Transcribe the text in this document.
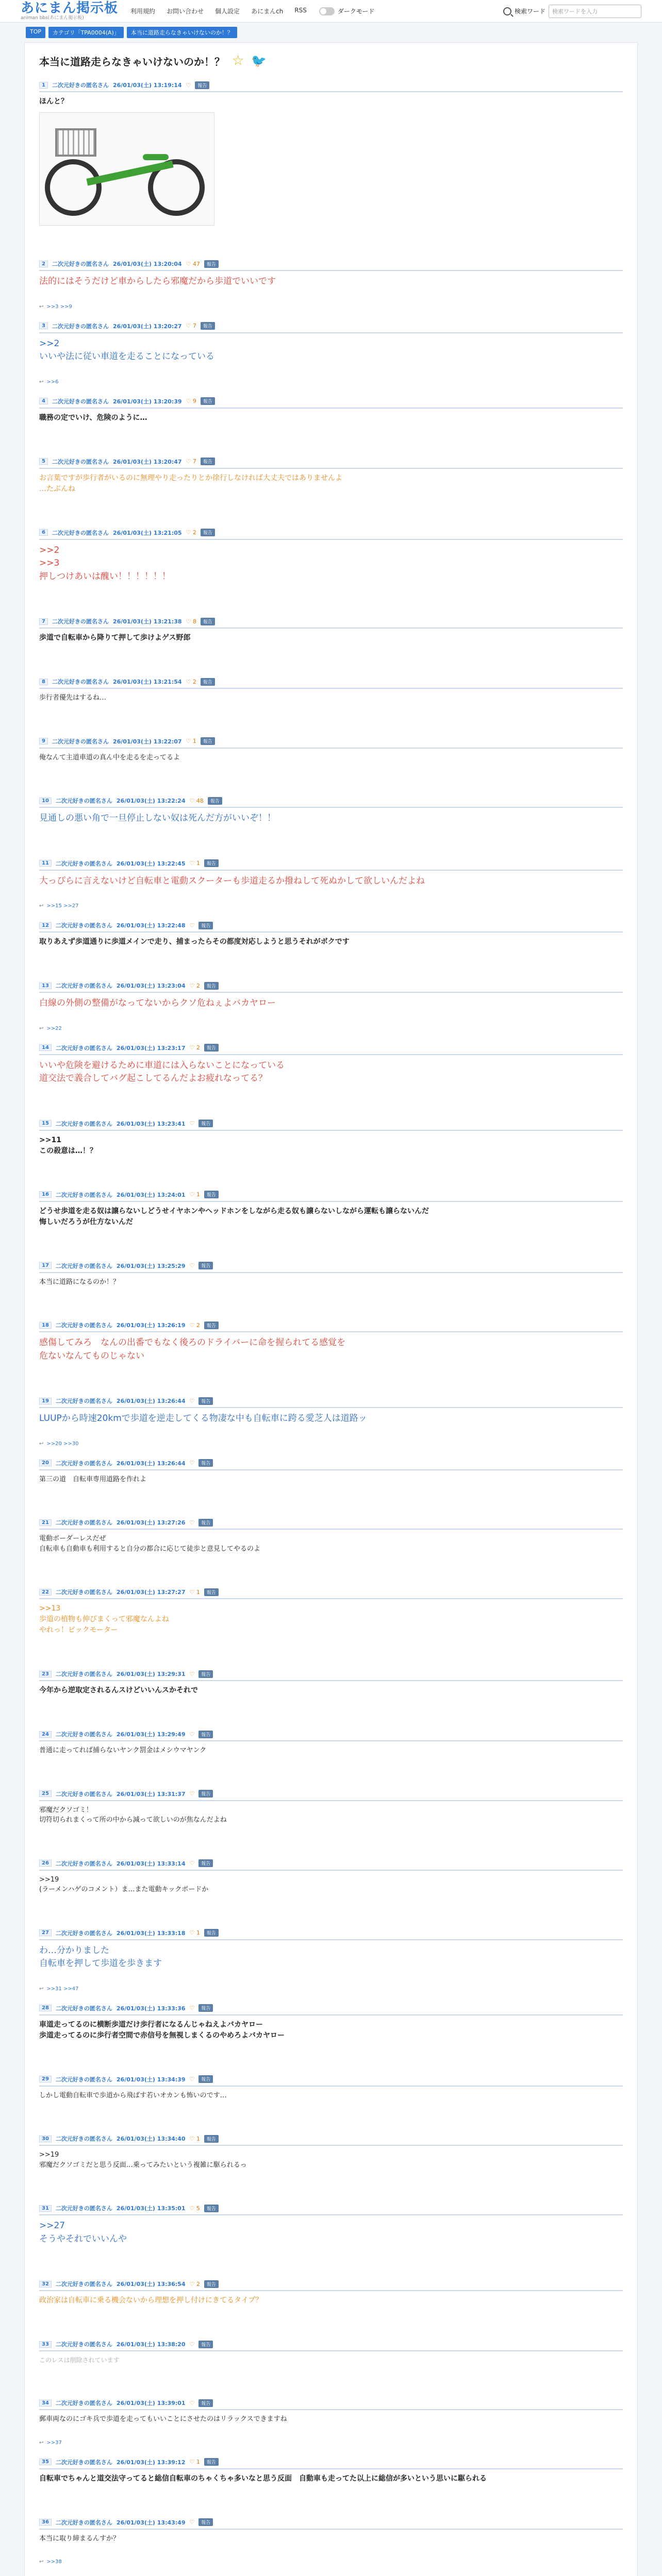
あにまん掲示板
animan bbs(あにまん掲示板)
利用規約 お問い合わせ 個人設定 あにまんch RSS	ダークモード	検索ワード	検索ワードを入力
TOP	カテゴリ「TPA0004(A)」	本当に道路走らなきゃいけないのか！？
本当に道路走らなきゃいけないのか！？ ☆ 🐦
1	二次元好きの匿名さん 26/01/03(土) 13:19:14 ♡	報告
ほんと？
2	二次元好きの匿名さん 26/01/03(土) 13:20:04 ♡ 47	報告
法的にはそうだけど車からしたら邪魔だから歩道でいいです
↩ >>3 >>9
3	二次元好きの匿名さん 26/01/03(土) 13:20:27 ♡ 7	報告
>>2
いいや法に従い車道を走ることになっている
↩ >>6
4	二次元好きの匿名さん 26/01/03(土) 13:20:39 ♡ 9	報告
職務の定でいけ、危険のように…
5	二次元好きの匿名さん 26/01/03(土) 13:20:47 ♡ 7	報告
お言葉ですが歩行者がいるのに無理やり走ったりとか徐行しなければ大丈夫ではありませんよ
…たぶんね
6	二次元好きの匿名さん 26/01/03(土) 13:21:05 ♡ 2	報告
>>2
>>3
押しつけあいは醜い！！！！！！
7	二次元好きの匿名さん 26/01/03(土) 13:21:38 ♡ 8	報告
歩道で自転車から降りて押して歩けよゲス野郎
8	二次元好きの匿名さん 26/01/03(土) 13:21:54 ♡ 2	報告
歩行者優先はするね…
9	二次元好きの匿名さん 26/01/03(土) 13:22:07 ♡ 1	報告
俺なんて主道車道の真ん中を走るを走ってるよ
10	二次元好きの匿名さん 26/01/03(土) 13:22:24 ♡ 48	報告
見通しの悪い角で一旦停止しない奴は死んだ方がいいぞ！！
11	二次元好きの匿名さん 26/01/03(土) 13:22:45 ♡ 1	報告
大っぴらに言えないけど自転車と電動スクーターも歩道走るか撥ねして死ぬかして欲しいんだよね
↩ >>15 >>27
12	二次元好きの匿名さん 26/01/03(土) 13:22:48 ♡	報告
取りあえず歩道通りに歩道メインで走り、捕まったらその都度対応しようと思うそれがボクです
13	二次元好きの匿名さん 26/01/03(土) 13:23:04 ♡ 2	報告
白線の外側の整備がなってないからクソ危ねぇよバカヤロー
↩ >>22
14	二次元好きの匿名さん 26/01/03(土) 13:23:17 ♡ 2	報告
いいや危険を避けるために車道には入らないことになっている
道交法で義合してバグ起こしてるんだよお疲れなってる？
15	二次元好きの匿名さん 26/01/03(土) 13:23:41 ♡	報告
>>11
この殺意は…！？
16	二次元好きの匿名さん 26/01/03(土) 13:24:01 ♡ 1	報告
どうせ歩道を走る奴は譲らないしどうせイヤホンやヘッドホンをしながら走る奴も譲らないしながら運転も譲らないんだ
悔しいだろうが仕方ないんだ
17	二次元好きの匿名さん 26/01/03(土) 13:25:29 ♡	報告
本当に道路になるのか！？
18	二次元好きの匿名さん 26/01/03(土) 13:26:19 ♡ 2	報告
感傷してみろ　なんの出番でもなく後ろのドライバーに命を握られてる感覚を
危ないなんてものじゃない
19	二次元好きの匿名さん 26/01/03(土) 13:26:44 ♡	報告
LUUPから時速20kmで歩道を逆走してくる物凄な中も自転車に跨る愛芝人は道路ッ
↩ >>20 >>30
20	二次元好きの匿名さん 26/01/03(土) 13:26:44 ♡	報告
第三の道　自転車専用道路を作れよ
21	二次元好きの匿名さん 26/01/03(土) 13:27:26 ♡	報告
電動ボーダーレスだぜ
自転車も自動車も利用すると自分の都合に応じて徒歩と意見してやるのよ
22	二次元好きの匿名さん 26/01/03(土) 13:27:27 ♡ 1	報告
>>13
歩道の植物も伸びまくって邪魔なんよね
やれっ！ピックモーター
23	二次元好きの匿名さん 26/01/03(土) 13:29:31 ♡	報告
今年から逆取定されるんスけどいいんスかそれで
24	二次元好きの匿名さん 26/01/03(土) 13:29:49 ♡	報告
普通に走ってれば捕らないヤンク罰金はメシウマヤンク
25	二次元好きの匿名さん 26/01/03(土) 13:31:37 ♡	報告
邪魔だクソゴミ！
切符切られまくって所の中から減って欲しいのが焦なんだよね
26	二次元好きの匿名さん 26/01/03(土) 13:33:14 ♡	報告
>>19
(ラーメンハゲのコメント）ま…また電動キックボードか
27	二次元好きの匿名さん 26/01/03(土) 13:33:18 ♡ 1	報告
わ…分かりました
自転車を押して歩道を歩きます
↩ >>31 >>47
28	二次元好きの匿名さん 26/01/03(土) 13:33:36 ♡	報告
車道走ってるのに横断歩道だけ歩行者になるんじゃねえよバカヤロー
歩道走ってるのに歩行者空間で赤信号を無視しまくるのやめろよバカヤロー
29	二次元好きの匿名さん 26/01/03(土) 13:34:39 ♡	報告
しかし電動自転車で歩道から飛ばす若いオカンも怖いのです…
30	二次元好きの匿名さん 26/01/03(土) 13:34:40 ♡ 1	報告
>>19
邪魔だクソゴミだと思う反面…乗ってみたいという複雑に駆られるっ
31	二次元好きの匿名さん 26/01/03(土) 13:35:01 ♡ 5	報告
>>27
そうやそれでいいんや
32	二次元好きの匿名さん 26/01/03(土) 13:36:54 ♡ 2	報告
政治家は自転車に乗る機会ないから理想を押し付けにきてるタイプ？
33	二次元好きの匿名さん 26/01/03(土) 13:38:20 ♡	報告
このレスは削除されています
34	二次元好きの匿名さん 26/01/03(土) 13:39:01 ♡	報告
郵車両なのにゴキ兵で歩道を走ってもいいことにさせたのはリラックスできますね
↩ >>37
35	二次元好きの匿名さん 26/01/03(土) 13:39:12 ♡ 1	報告
自転車でちゃんと道交法守ってると総信自転車のちゃくちゃ多いなと思う反面　自動車も走ってた以上に総信が多いという思いに駆られる
36	二次元好きの匿名さん 26/01/03(土) 13:43:49 ♡	報告
本当に取り締まるんすか？
↩ >>38
